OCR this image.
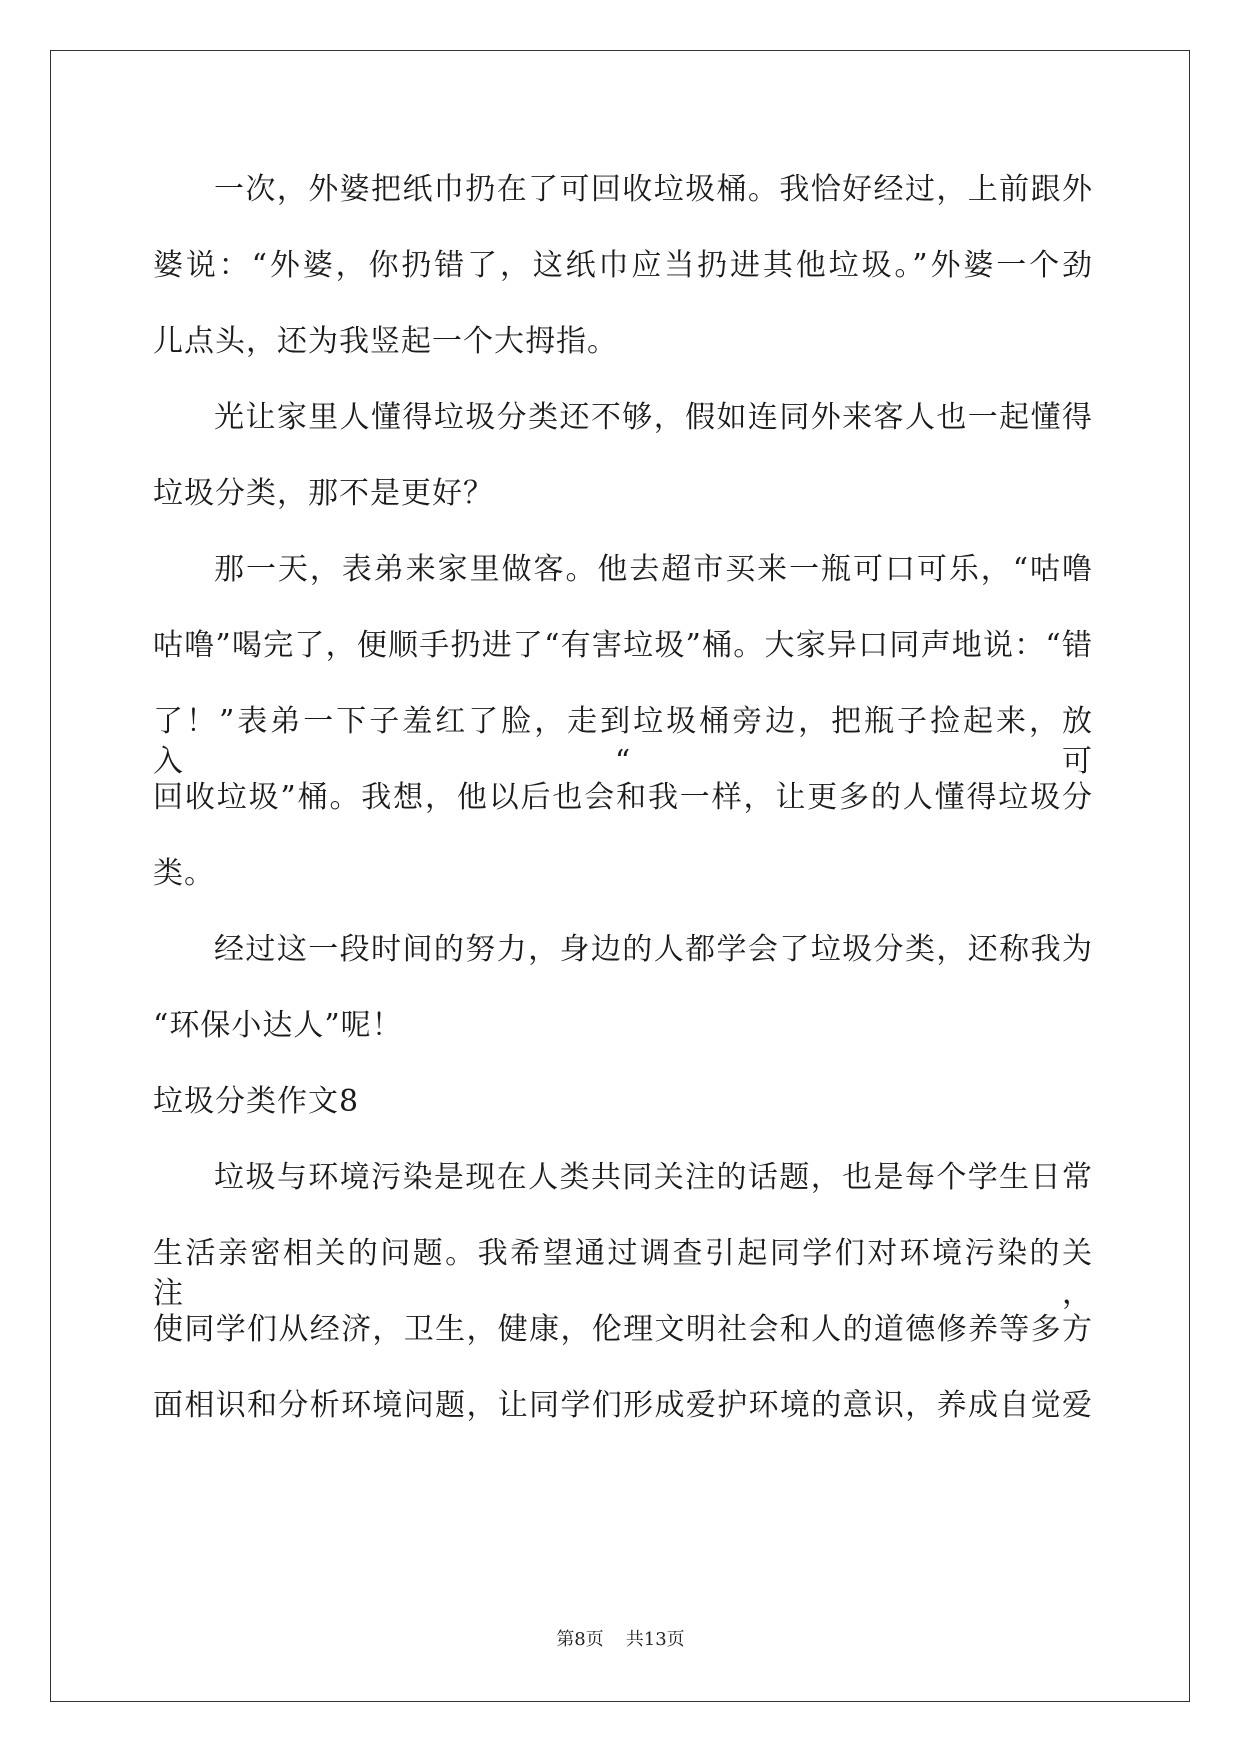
一次，外婆把纸巾扔在了可回收垃圾桶。我恰好经过，上前跟外
婆说：“外婆，你扔错了，这纸巾应当扔进其他垃圾。”外婆一个劲
儿点头，还为我竖起一个大拇指。
光让家里人懂得垃圾分类还不够，假如连同外来客人也一起懂得
垃圾分类，那不是更好？
那一天，表弟来家里做客。他去超市买来一瓶可口可乐，“咕噜
咕噜”喝完了，便顺手扔进了“有害垃圾”桶。大家异口同声地说：“错
了！”表弟一下子羞红了脸，走到垃圾桶旁边，把瓶子捡起来，放入“可
回收垃圾”桶。我想，他以后也会和我一样，让更多的人懂得垃圾分
类。
经过这一段时间的努力，身边的人都学会了垃圾分类，还称我为
“环保小达人”呢！
垃圾分类作文8
垃圾与环境污染是现在人类共同关注的话题，也是每个学生日常
生活亲密相关的问题。我希望通过调查引起同学们对环境污染的关注，
使同学们从经济，卫生，健康，伦理文明社会和人的道德修养等多方
面相识和分析环境问题，让同学们形成爱护环境的意识，养成自觉爱
第8页 共13页
